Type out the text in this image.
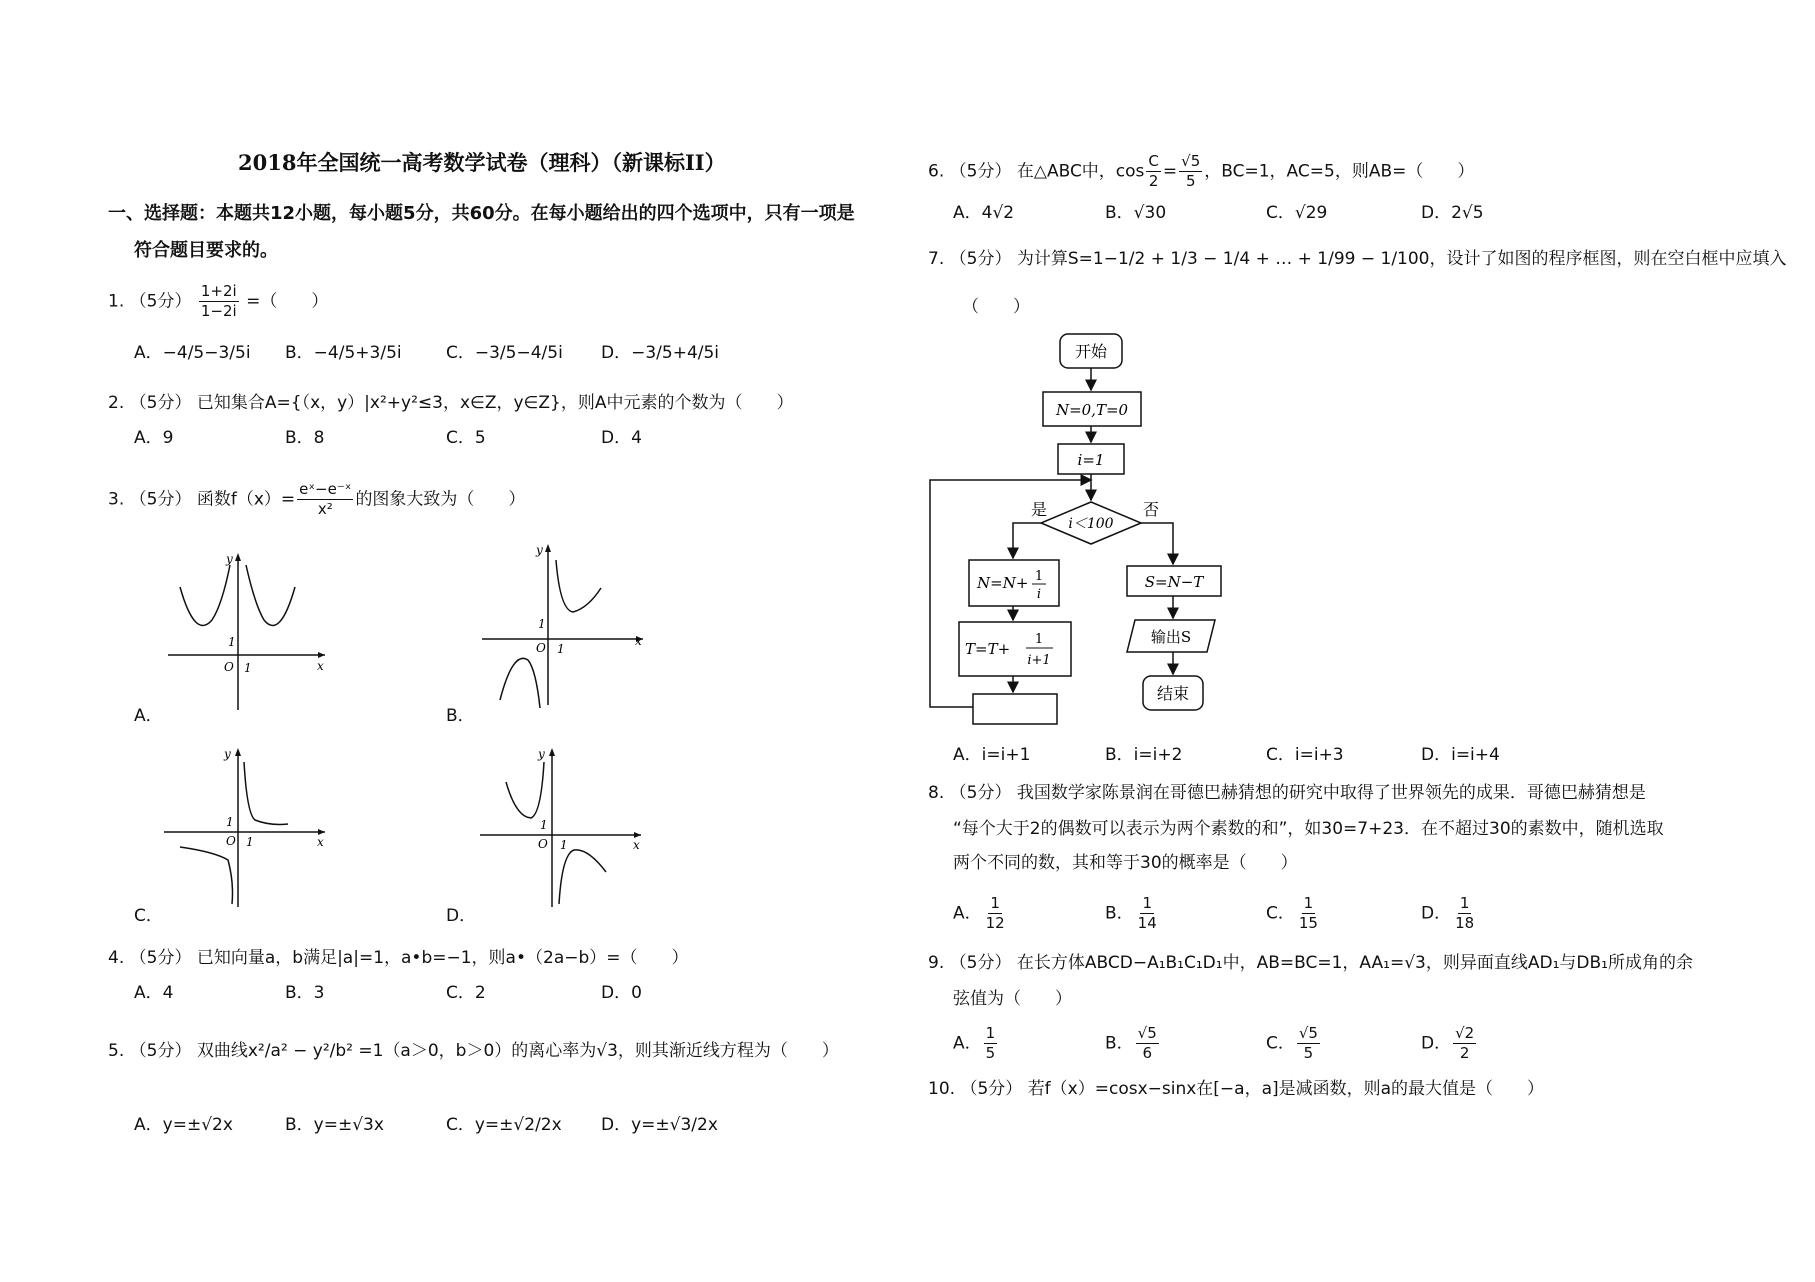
2018年全国统一高考数学试卷（理科）（新课标II）
一、选择题：本题共12小题，每小题5分，共60分。在每小题给出的四个选项中，只有一项是
符合题目要求的。
1. （5分） $\frac{1+2i}{1-2i}$ =（　　）
A．−4/5−3/5i B．−4/5+3/5i	C．−3/5−4/5i D．−3/5+4/5i
2. （5分） 已知集合A={（x，y）|x²+y²≤3，x∈Z，y∈Z}，则A中元素的个数为（　　）
A．9	B．8	C．5	D．4
3. （5分） 函数$f(x)= \frac{\text{eˣ−e⁻ˣ}}{\text{x²}}$ 的图象大致为（　　）
y
x
O 1
1
A．
y
x
O 1
1
B．
y
x
O 1
1
C．
y
x
O 1
1
D．
4. （5分） 已知向量a，b满足|a|=1，a•b=−1，则a•（2a−b）=（　　）
A．4	B．3	C．2	D．0
5. （5分） 双曲线x²/a² − y²/b² =1（a＞0，b＞0）的离心率为√3，则其渐近线方程为（　　）
A．y=±√2x	B．y=±√3x	C．y=±√2/2x D．y=±√3/2x
6. （5分） 在△ABC中，$\cos \frac{C}{2} = \frac{√5}{5}$ ，BC=1，AC=5，则AB=（　　）
A．4√2	B．√30	C．√29	D．2√5
7. （5分） 为计算S=1−1/2 + 1/3 − 1/4 + … + 1/99 − 1/100，设计了如图的程序框图，则在空白框中应填入
（　　）
开始
N=0,T=0
i=1
i＜100
是	否
N=N+ 1
i
T=T+
1
i+1
S=N−T
输出S
结束
A．i=i+1	B．i=i+2	C．i=i+3	D．i=i+4
8. （5分） 我国数学家陈景润在哥德巴赫猜想的研究中取得了世界领先的成果．哥德巴赫猜想是
“每个大于2的偶数可以表示为两个素数的和”，如30=7+23．在不超过30的素数中，随机选取
两个不同的数，其和等于30的概率是（　　）
A． $\frac{1}{12}$	B． $\frac{1}{14}$	C． $\frac{1}{15}$	D． $\frac{1}{18}$
9. （5分） 在长方体ABCD−A₁B₁C₁D₁中，AB=BC=1，AA₁=√3，则异面直线AD₁与DB₁所成角的余
弦值为（　　）
A． $\frac{1}{5}$	B． $\frac{√5}{6}$	C． $\frac{√5}{5}$	D． $\frac{√2}{2}$
10. （5分） 若f（x）=cosx−sinx在[−a，a]是减函数，则a的最大值是（　　）
